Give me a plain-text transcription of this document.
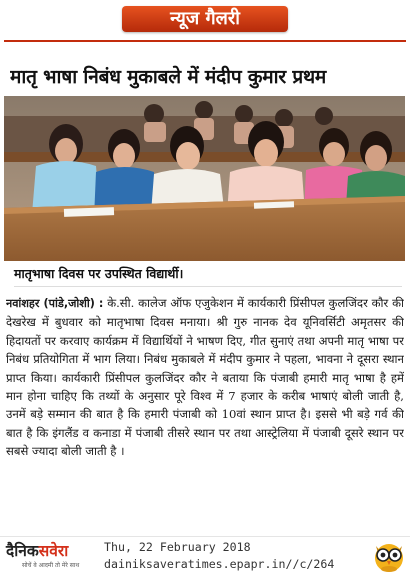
न्यूज गैलरी
मातृ भाषा निबंध मुकाबले में मंदीप कुमार प्रथम
मातृभाषा दिवस पर उपस्थित विद्यार्थी।
नवांशहर (पांडे,जोशी) : के.सी. कालेज ऑफ एजुकेशन में कार्यकारी प्रिंसीपल कुलजिंदर कौर की देखरेख में बुधवार को मातृभाषा दिवस मनाया। श्री गुरु नानक देव यूनिवर्सिटी अमृतसर की हिदायतों पर करवाए कार्यक्रम में विद्यार्थियों ने भाषण दिए, गीत सुनाएं तथा अपनी मातृ भाषा पर निबंध प्रतियोगिता में भाग लिया। निबंध मुकाबले में मंदीप कुमार ने पहला, भावना ने दूसरा स्थान प्राप्त किया। कार्यकारी प्रिंसीपल कुलजिंदर कौर ने बताया कि पंजाबी हमारी मातृ भाषा है हमें मान होना चाहिए कि तथ्यों के अनुसार पूरे विश्व में 7 हजार के करीब भाषाएं बोली जाती है, उनमें बड़े सम्मान की बात है कि हमारी पंजाबी को 10वां स्थान प्राप्त है। इससे भी बड़े गर्व की बात है कि इंगलैंड व कनाडा में पंजाबी तीसरे स्थान पर तथा आस्ट्रेलिया में पंजाबी दूसरे स्थान पर सबसे ज्यादा बोली जाती है ।
दैनिकसवेरा
सोचें वे आदमी तो मेरे साथ
Thu, 22 February 2018
dainiksaveratimes.epapr.in//c/264
